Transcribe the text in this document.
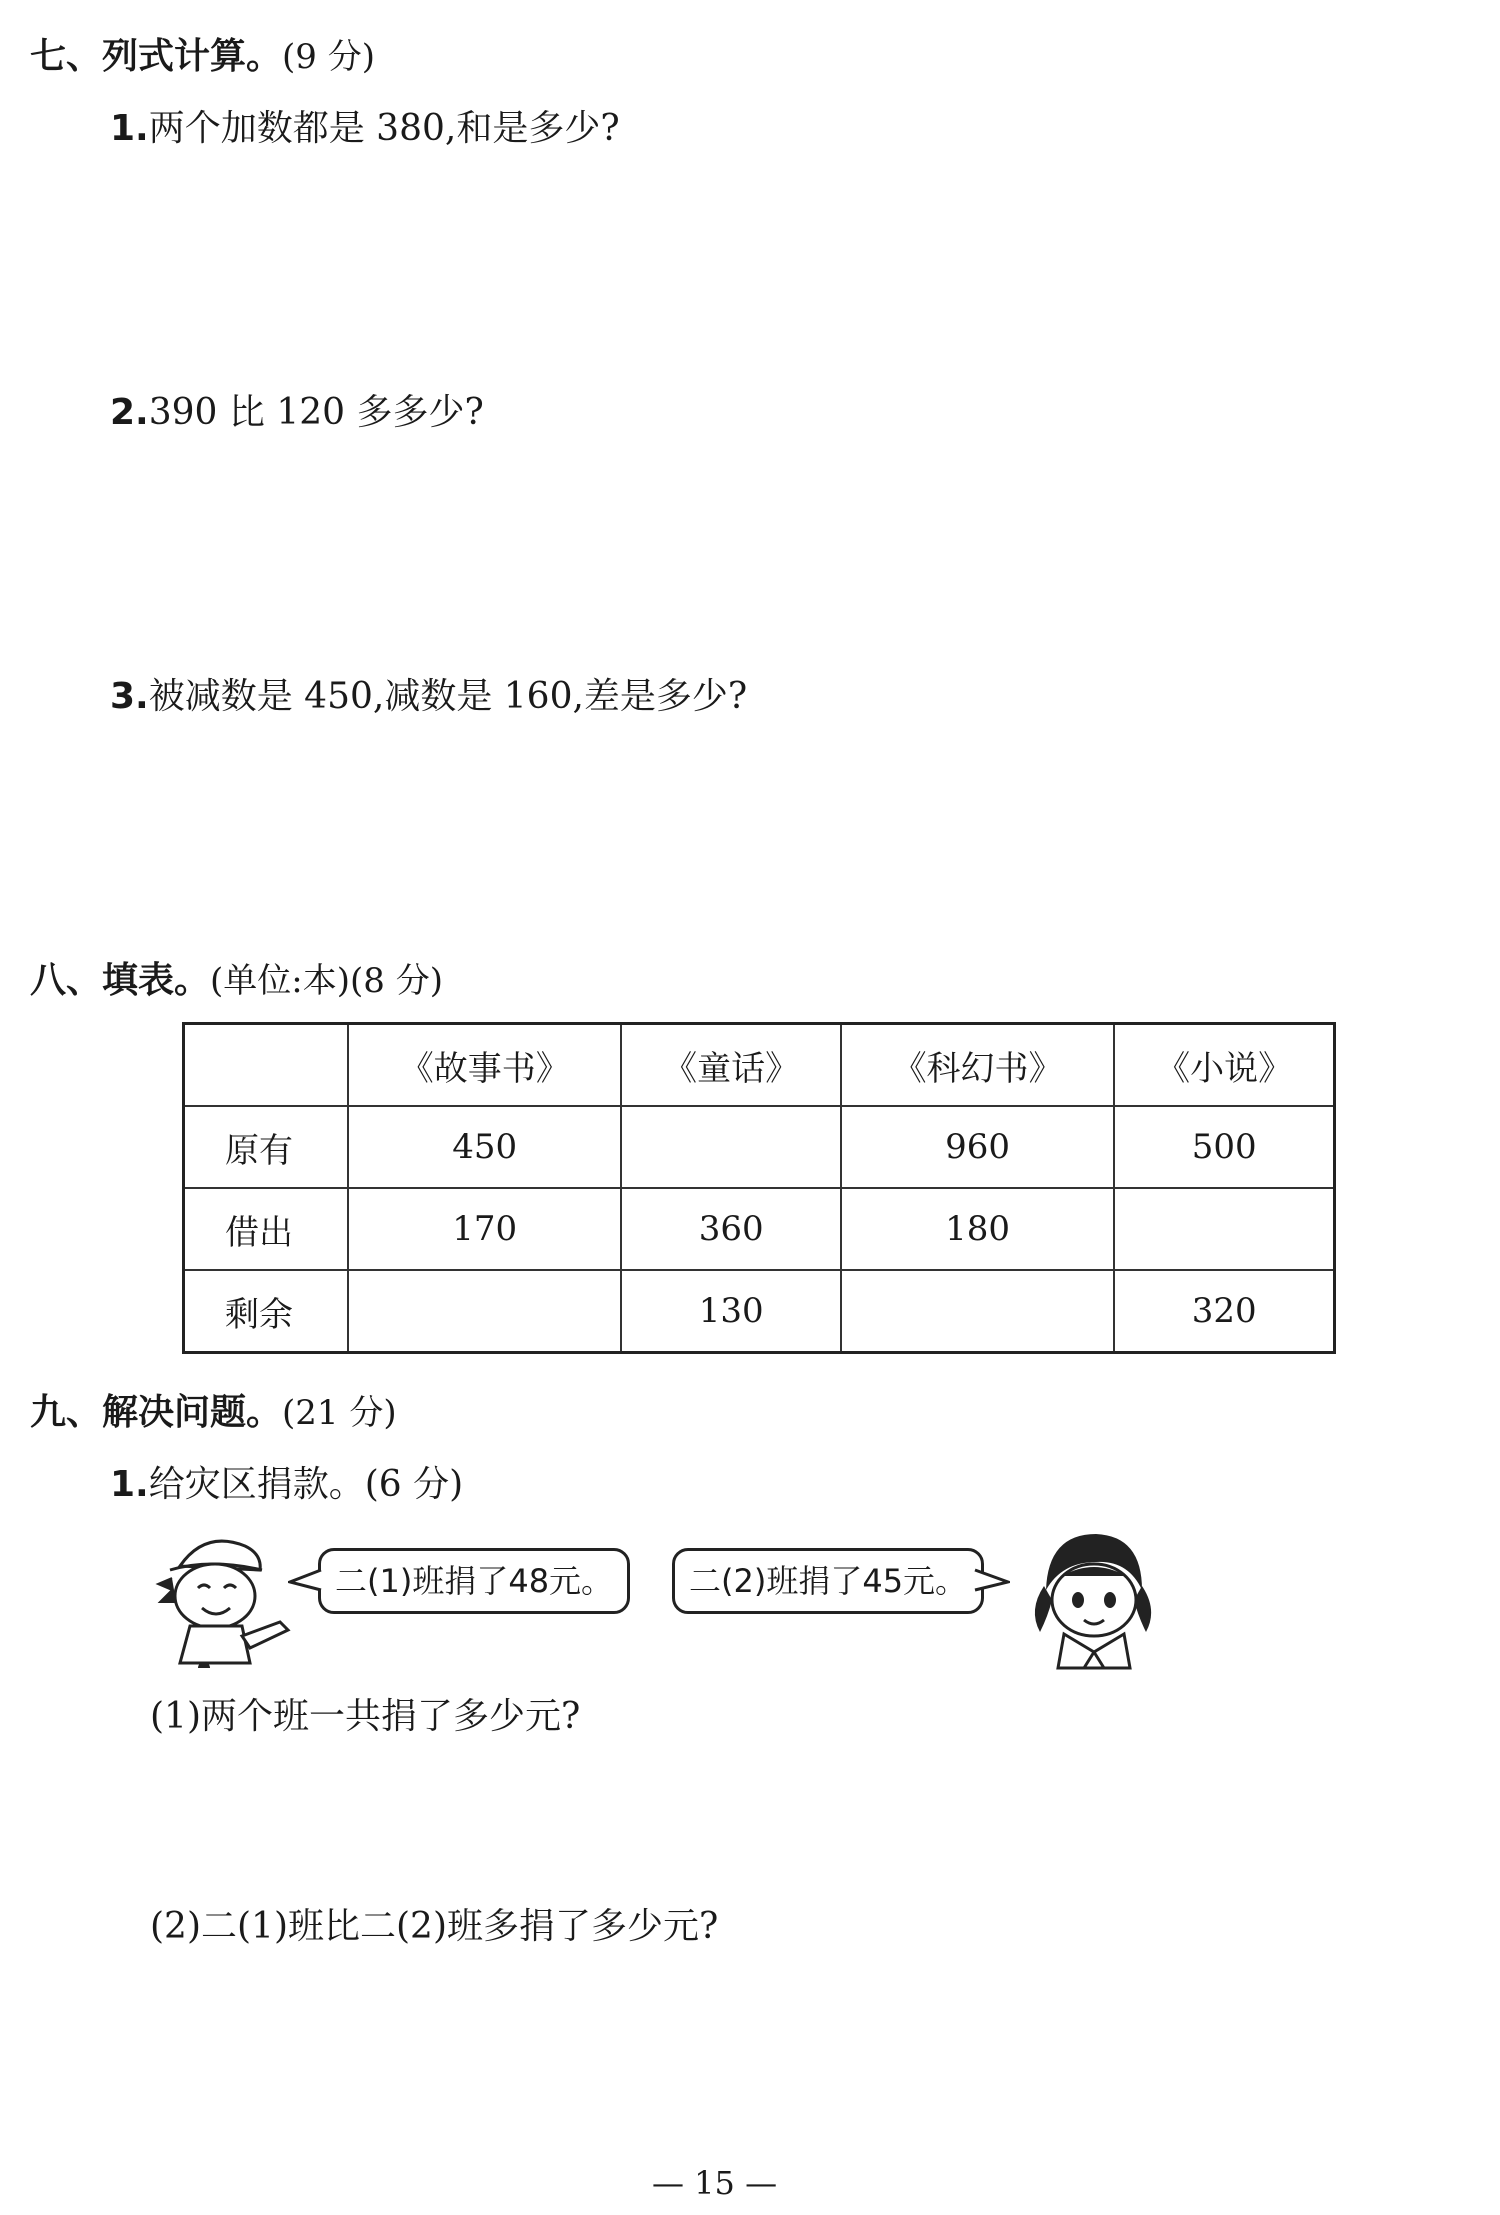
七、列式计算。(9 分)
1.两个加数都是 380,和是多少?
2.390 比 120 多多少?
3.被减数是 450,减数是 160,差是多少?
八、填表。(单位:本)(8 分)
	《故事书》	《童话》	《科幻书》	《小说》
原有	450		960	500
借出	170	360	180	
剩余		130		320
九、解决问题。(21 分)
1.给灾区捐款。(6 分)
二(1)班捐了48元。	二(2)班捐了45元。
(1)两个班一共捐了多少元?
(2)二(1)班比二(2)班多捐了多少元?
— 15 —
